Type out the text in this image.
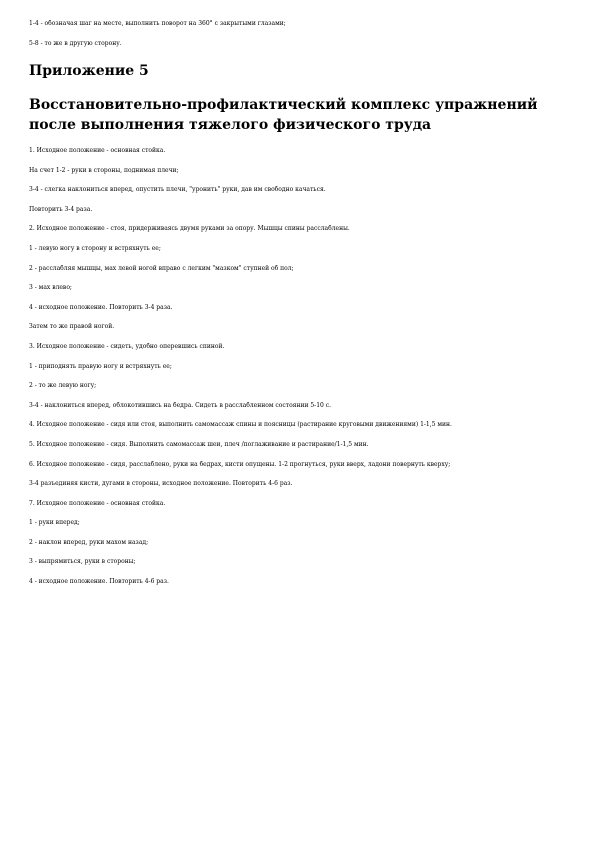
1-4 - обозначая шаг на месте, выполнить поворот на 360° с закрытыми глазами;

5-8 - то же в другую сторону.

Приложение 5
Восстановительно-профилактический комплекс упражнений после выполнения тяжелого физического труда
1. Исходное положение - основная стойка.
На счет 1-2 - руки в стороны, поднимая плечи;
3-4 - слегка наклониться вперед, опустить плечи, "уронить" руки, дав им свободно качаться.
Повторить 3-4 раза.
2. Исходное положение - стоя, придерживаясь двумя руками за опору. Мышцы спины расслаблены.
1 - левую ногу в сторону и встряхнуть ее;
2 - расслабляя мышцы, мах левой ногой вправо с легким "мазком" ступней об пол;
3 - мах влево;
4 - исходное положение. Повторить 3-4 раза.
Затем то же правой ногой.
3. Исходное положение - сидеть, удобно оперевшись спиной.
1 - приподнять правую ногу и встряхнуть ее;
2 - то же левую ногу;
3-4 - наклониться вперед, облокотившись на бедра. Сидеть в расслабленном состоянии 5-10 с.
4. Исходное положение - сидя или стоя, выполнить самомассаж спины и поясницы (растирание круговыми движениями) 1-1,5 мин.
5. Исходное положение - сидя. Выполнить самомассаж шеи, плеч /поглаживание и растирание/1-1,5 мин.
6. Исходное положение - сидя, расслаблено, руки на бедрах, кисти опущены. 1-2 прогнуться, руки вверх, ладони повернуть кверху;
3-4 разъединяя кисти, дугами в стороны, исходное положение. Повторить 4-6 раз.
7. Исходное положение - основная стойка.
1 - руки вперед;
2 - наклон вперед, руки махом назад;
3 - выпрямиться, руки в стороны;
4 - исходное положение. Повторить 4-6 раз.
